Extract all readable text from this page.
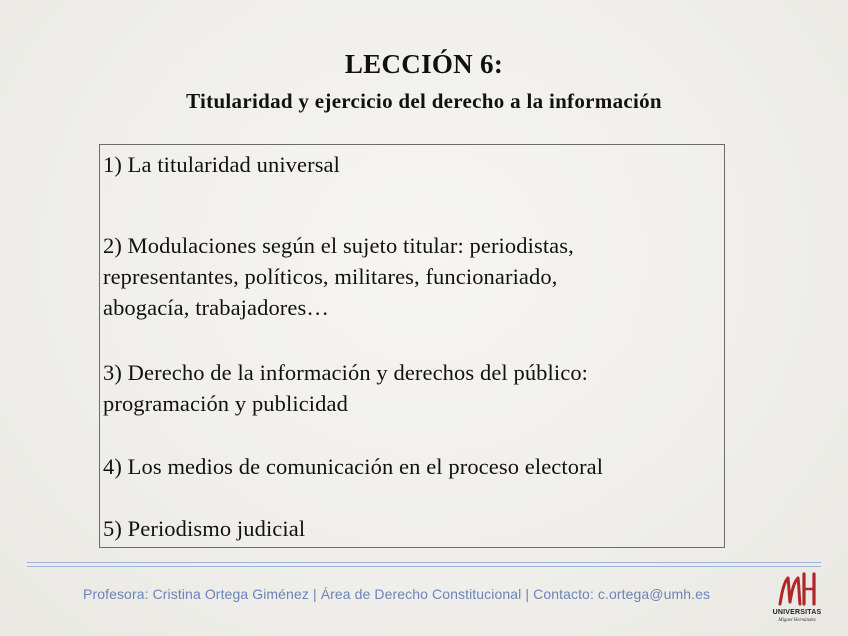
LECCIÓN 6:
Titularidad y ejercicio del derecho a la información
1) La titularidad universal
2) Modulaciones según el sujeto titular: periodistas,
representantes, políticos, militares, funcionariado,
abogacía, trabajadores…
3) Derecho de la información y derechos del público:
programación y publicidad
4) Los medios de comunicación en el proceso electoral
5) Periodismo judicial
Profesora: Cristina Ortega Giménez | Área de Derecho Constitucional | Contacto: c.ortega@umh.es
UNIVERSITAS
Miguel Hernández
